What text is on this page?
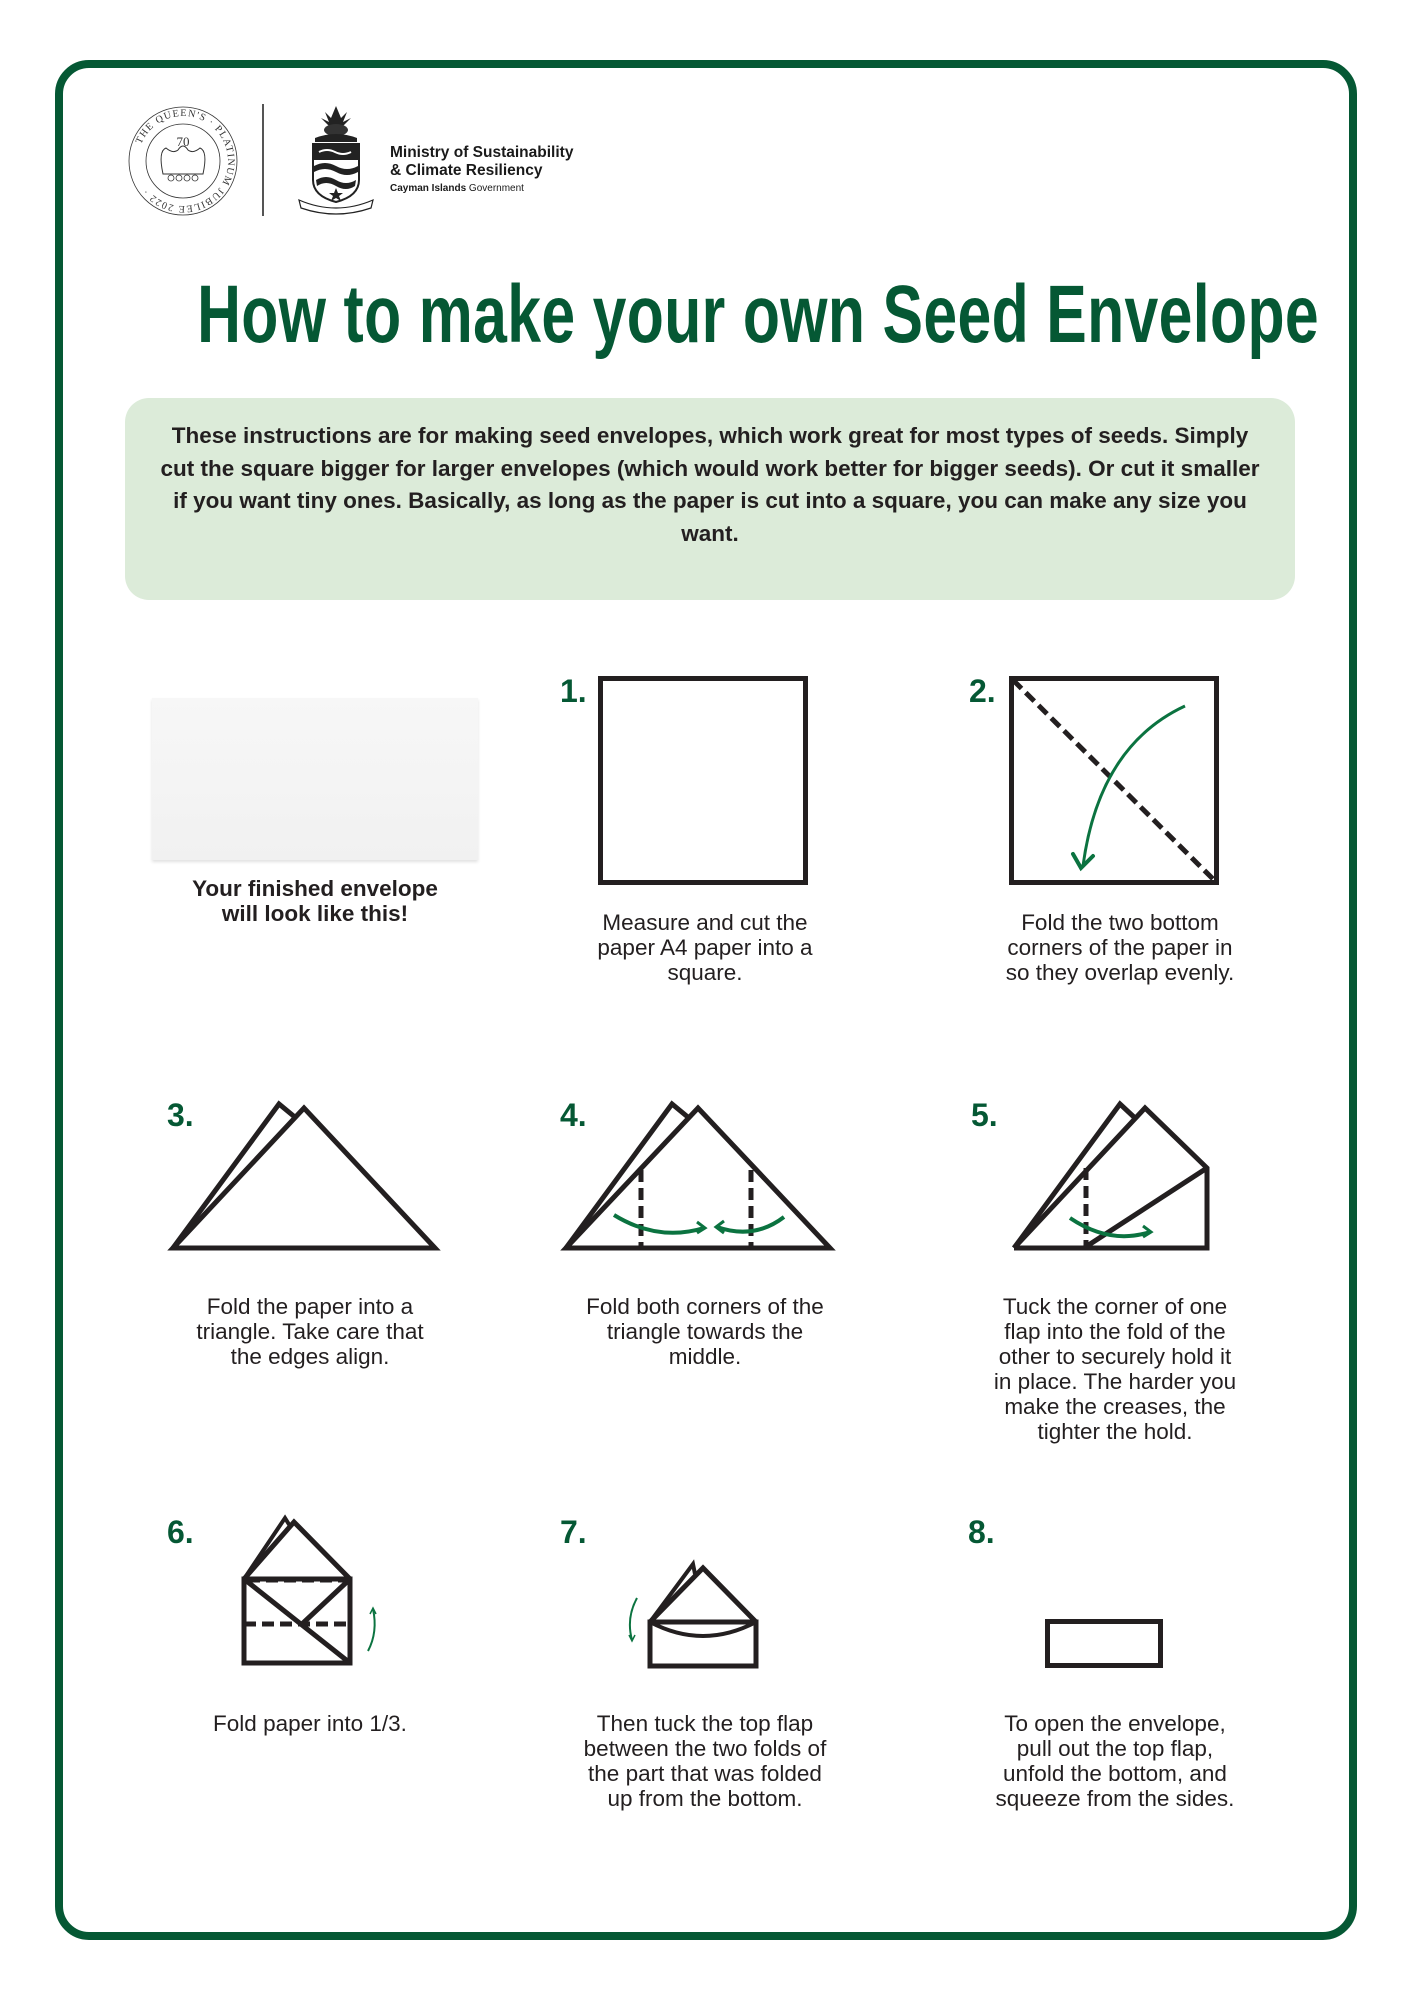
THE QUEEN'S · PLATINUM JUBILEE 2022 ·
70
Ministry of Sustainability
& Climate Resiliency
Cayman Islands Government
How to make your own Seed Envelope

These instructions are for making seed envelopes, which work great for most types of seeds. Simply cut the square bigger for larger envelopes (which would work better for bigger seeds). Or cut it smaller if you want tiny ones. Basically, as long as the paper is cut into a square, you can make any size you want.

Your finished envelope
will look like this!
1.
Measure and cut the
paper A4 paper into a
square.
2.
Fold the two bottom
corners of the paper in
so they overlap evenly.
3.
Fold the paper into a
triangle. Take care that
the edges align.
4.
Fold both corners of the
triangle towards the
middle.
5.
Tuck the corner of one
flap into the fold of the
other to securely hold it
in place. The harder you
make the creases, the
tighter the hold.
6.
Fold paper into 1/3.
7.
Then tuck the top flap
between the two folds of
the part that was folded
up from the bottom.
8.
To open the envelope,
pull out the top flap,
unfold the bottom, and
squeeze from the sides.
